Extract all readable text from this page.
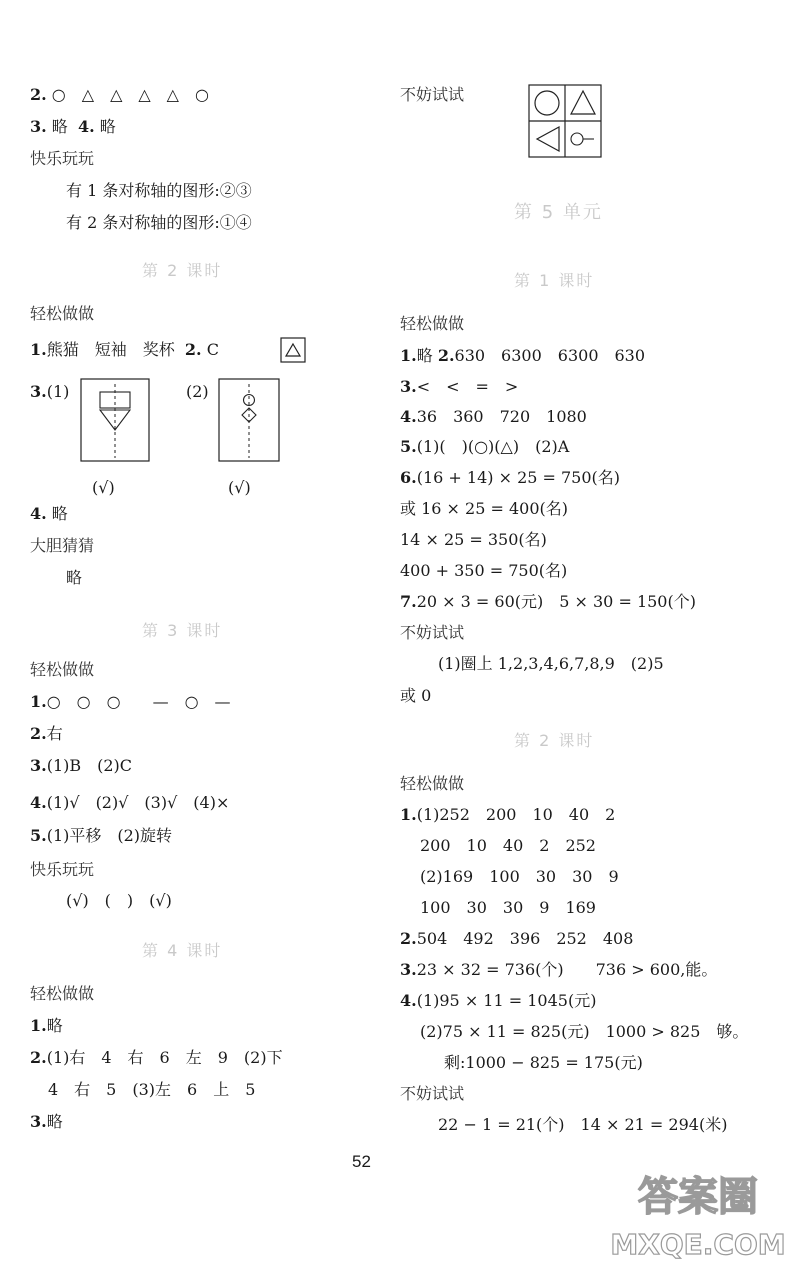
2. ○　△　△　△　△　○
3. 略 4. 略
快乐玩玩
有 1 条对称轴的图形:②③
有 2 条对称轴的图形:①④
第 2 课时
轻松做做
1.熊猫　短袖　奖杯 2. C
3.(1)	(2)
(√)	(√)
4. 略
大胆猜猜
略
第 3 课时
轻松做做
1.○　○　○　　—　○　—
2.右
3.(1)B　(2)C
4.(1)√　(2)√　(3)√　(4)×
5.(1)平移　(2)旋转
快乐玩玩
(√)　(　)　(√)
第 4 课时
轻松做做
1.略
2.(1)右　4　右　6　左　9　(2)下
4　右　5　(3)左　6　上　5
3.略
不妨试试
第 5 单元
第 1 课时
轻松做做
1.略 2.630　6300　6300　630
3.<　<　=　>
4.36　360　720　1080
5.(1)(　)(○)(△)　(2)A
6.(16 + 14) × 25 = 750(名)
或 16 × 25 = 400(名)
14 × 25 = 350(名)
400 + 350 = 750(名)
7.20 × 3 = 60(元)　5 × 30 = 150(个)
不妨试试
(1)圈上 1,2,3,4,6,7,8,9　(2)5
或 0
第 2 课时
轻松做做
1.(1)252　200　10　40　2
200　10　40　2　252
(2)169　100　30　30　9
100　30　30　9　169
2.504　492　396　252　408
3.23 × 32 = 736(个)　　736 > 600,能。
4.(1)95 × 11 = 1045(元)
(2)75 × 11 = 825(元)　1000 > 825　够。
剩:1000 − 825 = 175(元)
不妨试试
22 − 1 = 21(个)　14 × 21 = 294(米)
52
答案圈
MXQE.COM
